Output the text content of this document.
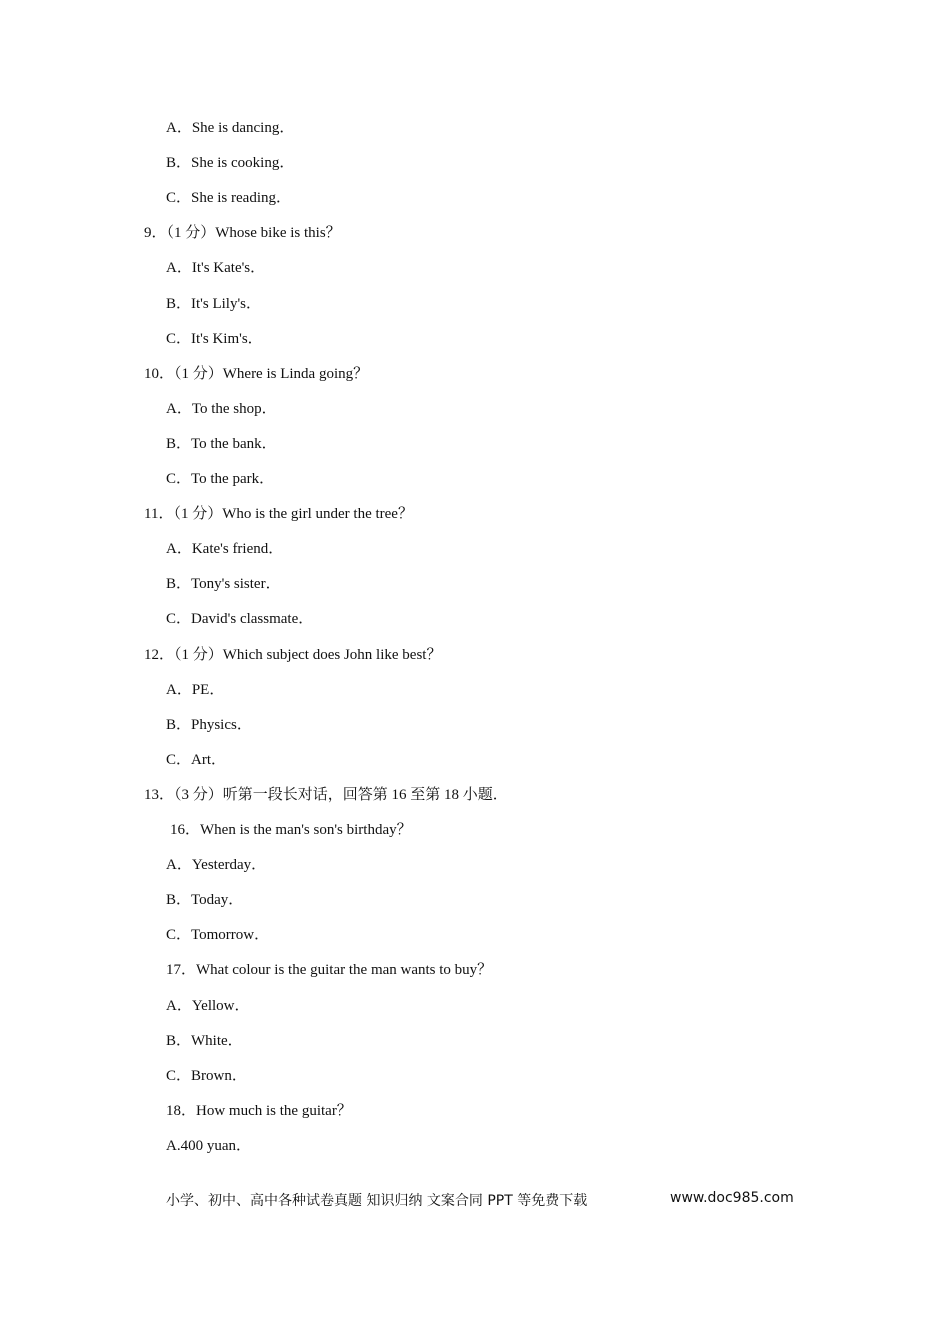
A．She is dancing．
B．She is cooking．
C．She is reading．
9．（1 分）Whose bike is this？
A．It's Kate's．
B．It's Lily's．
C．It's Kim's．
10．（1 分）Where is Linda going？
A．To the shop．
B．To the bank．
C．To the park．
11．（1 分）Who is the girl under the tree？
A．Kate's friend．
B．Tony's sister．
C．David's classmate．
12．（1 分）Which subject does John like best？
A．PE．
B．Physics．
C．Art．
13．（3 分）听第一段长对话，回答第 16 至第 18 小题．
16．When is the man's son's birthday？
A．Yesterday．
B．Today．
C．Tomorrow．
17．What colour is the guitar the man wants to buy？
A．Yellow．
B．White．
C．Brown．
18．How much is the guitar？
A.400 yuan．
小学、初中、高中各种试卷真题 知识归纳 文案合同 PPT 等免费下载	www.doc985.com
